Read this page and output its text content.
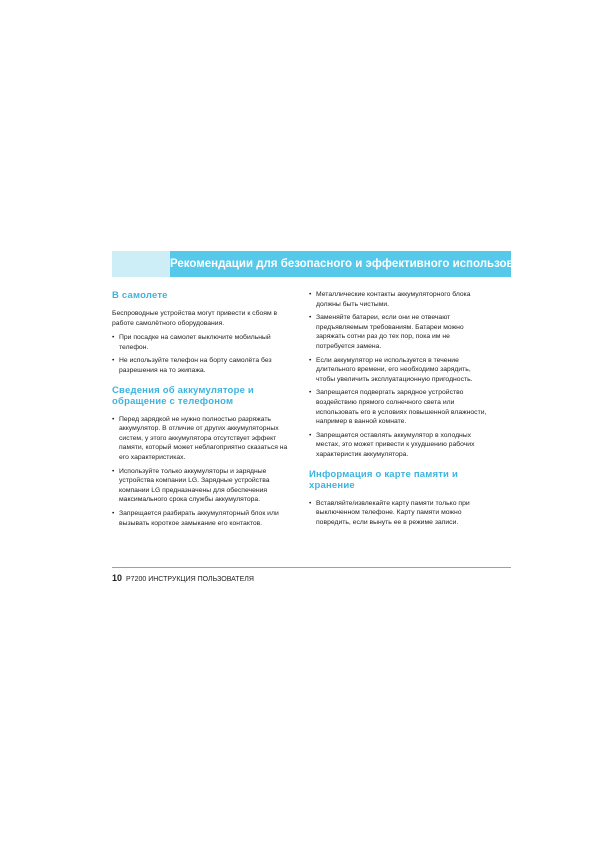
Рекомендации для безопасного и эффективного использования
В самолете
Беспроводные устройства могут привести к сбоям в работе самолётного оборудования.
• При посадке на самолет выключите мобильный телефон.
• Не используйте телефон на борту самолёта без разрешения на то экипажа.
Сведения об аккумуляторе и обращение с телефоном
• Перед зарядкой не нужно полностью разряжать аккумулятор. В отличие от других аккумуляторных систем, у этого аккумулятора отсутствует эффект памяти, который может неблагоприятно сказаться на его характеристиках.
• Используйте только аккумуляторы и зарядные устройства компании LG. Зарядные устройства компании LG предназначены для обеспечения максимального срока службы аккумулятора.
• Запрещается разбирать аккумуляторный блок или вызывать короткое замыкание его контактов.
• Металлические контакты аккумуляторного блока должны быть чистыми.
• Заменяйте батареи, если они не отвечают предъявляемым требованиям. Батареи можно заряжать сотни раз до тех пор, пока им не потребуется замена.
• Если аккумулятор не используется в течение длительного времени, его необходимо зарядить, чтобы увеличить эксплуатационную пригодность.
• Запрещается подвергать зарядное устройство воздействию прямого солнечного света или использовать его в условиях повышенной влажности, например в ванной комнате.
• Запрещается оставлять аккумулятор в холодных местах, это может привести к ухудшению рабочих характеристик аккумулятора.
Информация о карте памяти и хранение
• Вставляйте/извлекайте карту памяти только при выключенном телефоне. Карту памяти можно повредить, если вынуть ее в режиме записи.
10 P7200 ИНСТРУКЦИЯ ПОЛЬЗОВАТЕЛЯ
